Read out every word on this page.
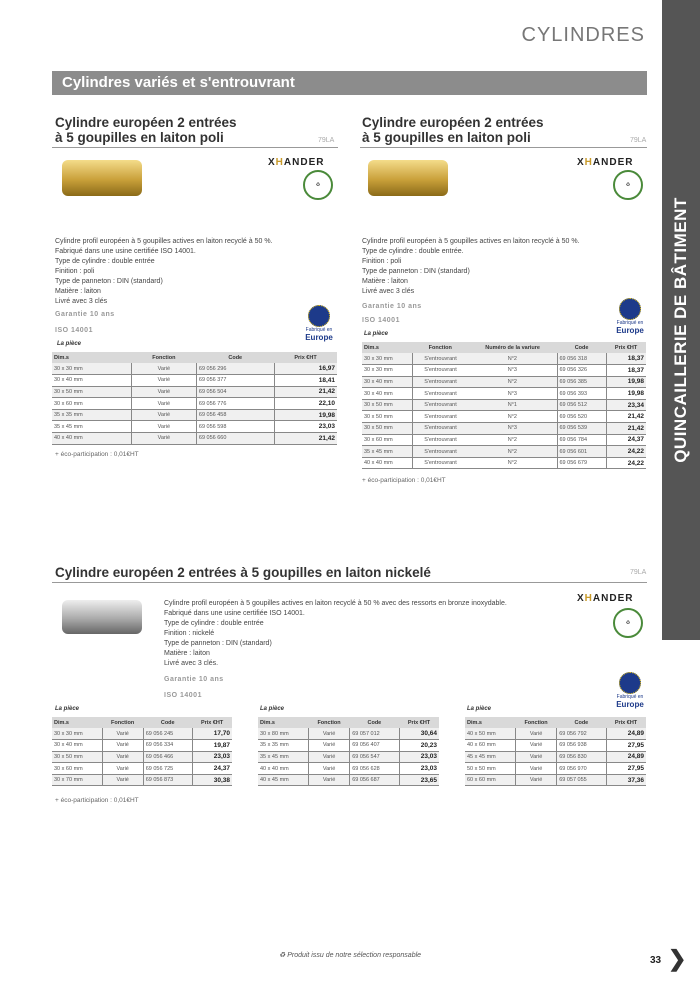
CYLINDRES
QUINCAILLERIE DE BÂTIMENT
Cylindres variés et s'entrouvrant
Cylindre européen 2 entrées
à 5 goupilles en laiton poli	79LA
XHANDER
♻
Cylindre profil européen à 5 goupilles actives en laiton recyclé à 50 %.
Fabriqué dans une usine certifiée ISO 14001.
Type de cylindre : double entrée
Finition : poli
Type de panneton : DIN (standard)
Matière : laiton
Livré avec 3 clés
Garantie 10 ans
ISO 14001	Fabriqué en
Europe
La pièce
Dim.s	Fonction	Code	Prix €HT
30 x 30 mm	Varié	69 056 296	16,97
30 x 40 mm	Varié	69 056 377	18,41
30 x 50 mm	Varié	69 056 504	21,42
30 x 60 mm	Varié	69 056 776	22,10
35 x 35 mm	Varié	69 056 458	19,98
35 x 45 mm	Varié	69 056 598	23,03
40 x 40 mm	Varié	69 056 660	21,42
+ éco-participation : 0,01€HT
Cylindre européen 2 entrées
à 5 goupilles en laiton poli	79LA
XHANDER
♻
Cylindre profil européen à 5 goupilles actives en laiton recyclé à 50 %.
Type de cylindre : double entrée.
Finition : poli
Type de panneton : DIN (standard)
Matière : laiton
Livré avec 3 clés
Garantie 10 ans
ISO 14001	Fabriqué en
Europe
La pièce
Dim.s	Fonction	Numéro de la variure	Code	Prix €HT
30 x 30 mm	S'entrouvrant	N°2	69 056 318	18,37
30 x 30 mm	S'entrouvrant	N°3	69 056 326	18,37
30 x 40 mm	S'entrouvrant	N°2	69 056 385	19,98
30 x 40 mm	S'entrouvrant	N°3	69 056 393	19,98
30 x 50 mm	S'entrouvrant	N°1	69 056 512	23,34
30 x 50 mm	S'entrouvrant	N°2	69 056 520	21,42
30 x 50 mm	S'entrouvrant	N°3	69 056 539	21,42
30 x 60 mm	S'entrouvrant	N°2	69 056 784	24,37
35 x 45 mm	S'entrouvrant	N°2	69 056 601	24,22
40 x 40 mm	S'entrouvrant	N°2	69 056 679	24,22
+ éco-participation : 0,01€HT
Cylindre européen 2 entrées à 5 goupilles en laiton nickelé	79LA
XHANDER
♻
Cylindre profil européen à 5 goupilles actives en laiton recyclé à 50 % avec des ressorts en bronze inoxydable.
Fabriqué dans une usine certifiée ISO 14001.
Type de cylindre : double entrée
Finition : nickelé
Type de panneton : DIN (standard)
Matière : laiton
Livré avec 3 clés.
Garantie 10 ans
ISO 14001	Fabriqué en
Europe
La pièce	La pièce	La pièce
Dim.s	Fonction	Code	Prix €HT
30 x 30 mm	Varié	69 056 245	17,70
30 x 40 mm	Varié	69 056 334	19,87
30 x 50 mm	Varié	69 056 466	23,03
30 x 60 mm	Varié	69 056 725	24,37
30 x 70 mm	Varié	69 056 873	30,38
Dim.s	Fonction	Code	Prix €HT
30 x 80 mm	Varié	69 057 012	30,64
35 x 35 mm	Varié	69 056 407	20,23
35 x 45 mm	Varié	69 056 547	23,03
40 x 40 mm	Varié	69 056 628	23,03
40 x 45 mm	Varié	69 056 687	23,65
Dim.s	Fonction	Code	Prix €HT
40 x 50 mm	Varié	69 056 792	24,89
40 x 60 mm	Varié	69 056 938	27,95
45 x 45 mm	Varié	69 056 830	24,89
50 x 50 mm	Varié	69 056 970	27,95
60 x 60 mm	Varié	69 057 055	37,36
+ éco-participation : 0,01€HT
♻ Produit issu de notre sélection responsable	33 ❯
